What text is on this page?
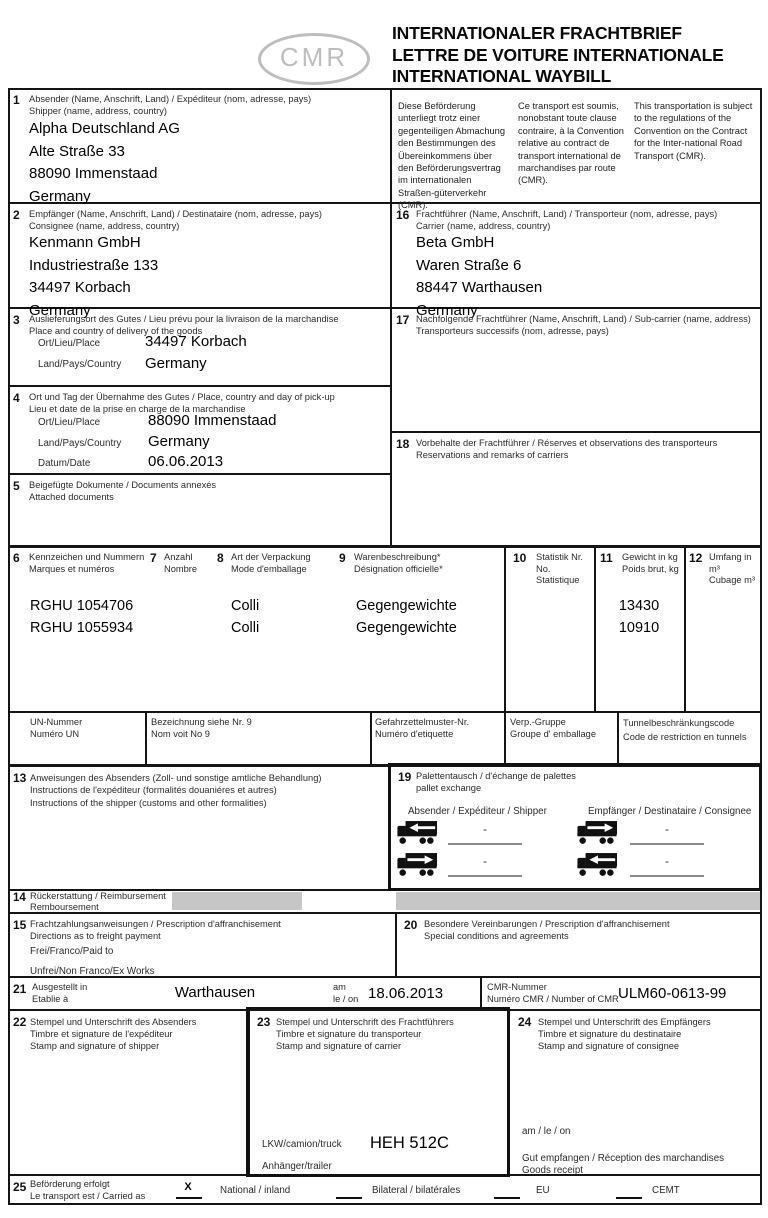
CMR
INTERNATIONALER FRACHTBRIEF
LETTRE DE VOITURE INTERNATIONALE
INTERNATIONAL WAYBILL
1 Absender (Name, Anschrift, Land) / Expéditeur (nom, adresse, pays)
Shipper (name, address, country)
Alpha Deutschland AG
Alte Straße 33
88090 Immenstaad
Germany
Diese Beförderung unterliegt trotz einer gegenteiligen Abmachung den Bestimmungen des Übereinkommens über den Beförderungsvertrag im internationalen Straßen-güterverkehr (CMR).
Ce transport est soumis, nonobstant toute clause contraire, à la Convention relative au contract de transport international de marchandises par route (CMR).
This transportation is subject to the regulations of the Convention on the Contract for the Inter-national Road Transport (CMR).
2 Empfänger (Name, Anschrift, Land) / Destinataire (nom, adresse, pays)
Consignee (name, address, country)
Kenmann GmbH
Industriestraße 133
34497 Korbach
Germany
16 Frachtführer (Name, Anschrift, Land) / Transporteur (nom, adresse, pays)
Carrier (name, address, country)
Beta GmbH
Waren Straße 6
88447 Warthausen
Germany
3 Auslieferungsort des Gutes / Lieu prévu pour la livraison de la marchandise
Place and country of delivery of the goods
Ort/Lieu/Place	34497 Korbach
Land/Pays/Country Germany
4 Ort und Tag der Übernahme des Gutes / Place, country and day of pick-up
Lieu et date de la prise en charge de la marchandise
Ort/Lieu/Place	88090 Immenstaad
Land/Pays/Country Germany
Datum/Date	06.06.2013
5 Beigefügte Dokumente / Documents annexés
Attached documents
17 Nachfolgende Frachtführer (Name, Anschrift, Land) / Sub-carrier (name, address)
Transporteurs successifs (nom, adresse, pays)
18 Vorbehalte der Frachtführer / Réserves et observations des transporteurs
Reservations and remarks of carriers
6 Kennzeichen und Nummern
Marques et numéros
7 Anzahl
Nombre
8 Art der Verpackung
Mode d'emballage
9 Warenbeschreibung*
Désignation officielle*
10 Statistik Nr.
No. Statistique
11 Gewicht in kg
Poids brut, kg
12 Umfang in m³
Cubage m³
RGHU 1054706	Colli	Gegengewichte	13430
RGHU 1055934	Colli	Gegengewichte	10910
UN-Nummer
Numéro UN
Bezeichnung siehe Nr. 9
Nom voit No 9
Gefahrzettelmuster-Nr.
Numéro d'etiquette
Verp.-Gruppe
Groupe d' emballage
Tunnelbeschränkungscode
Code de restriction en tunnels
13 Anweisungen des Absenders (Zoll- und sonstige amtliche Behandlung)
Instructions de l'expéditeur (formalités douaniéres et autres)
Instructions of the shipper (customs and other formalities)
19 Palettentausch / d'échange de palettes
pallet exchange
Absender / Expéditeur / Shipper	Empfänger / Destinataire / Consignee
-
-
-
-
14 Rückerstattung / Reimbursement
Remboursement
15 Frachtzahlungsanweisungen / Prescription d'affranchisement
Directions as to freight payment
Frei/Franco/Paid to
Unfrei/Non Franco/Ex Works
20 Besondere Vereinbarungen / Prescription d'affranchisement
Special conditions and agreements
21 Ausgestellt in
Etablie à	Warthausen	am
le / on 18.06.2013	CMR-Nummer
Numéro CMR / Number of CMR ULM60-0613-99
22 Stempel und Unterschrift des Absenders
Timbre et signature de l'expéditeur
Stamp and signature of shipper
23 Stempel und Unterschrift des Frachtführers
Timbre et signature du transporteur
Stamp and signature of carrier
LKW/camion/truck HEH 512C
Anhänger/trailer
24 Stempel und Unterschrift des Empfängers
Timbre et signature du destinataire
Stamp and signature of consignee
am / le / on
Gut empfangen / Réception des marchandises
Goods receipt
25 Beförderung erfolgt
Le transport est / Carried as
X	National / inland	Bilateral / bilatérales	EU	CEMT
